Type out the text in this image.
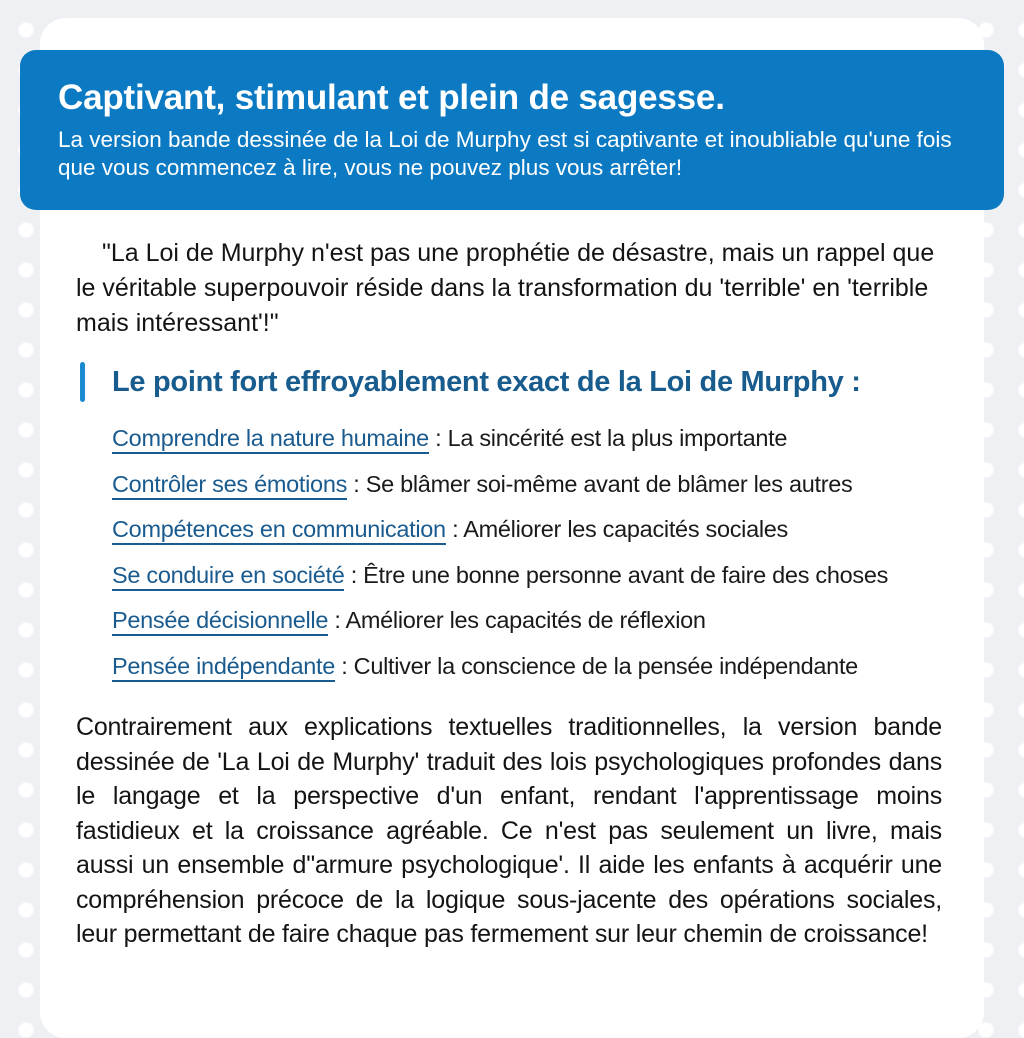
Captivant, stimulant et plein de sagesse.

La version bande dessinée de la Loi de Murphy est si captivante et inoubliable qu'une fois que vous commencez à lire, vous ne pouvez plus vous arrêter!

"La Loi de Murphy n'est pas une prophétie de désastre, mais un rappel que le véritable superpouvoir réside dans la transformation du 'terrible' en 'terrible mais intéressant'!"

Le point fort effroyablement exact de la Loi de Murphy :
Comprendre la nature humaine : La sincérité est la plus importante
Contrôler ses émotions : Se blâmer soi-même avant de blâmer les autres
Compétences en communication : Améliorer les capacités sociales
Se conduire en société : Être une bonne personne avant de faire des choses
Pensée décisionnelle : Améliorer les capacités de réflexion
Pensée indépendante : Cultiver la conscience de la pensée indépendante

Contrairement aux explications textuelles traditionnelles, la version bande dessinée de 'La Loi de Murphy' traduit des lois psychologiques profondes dans le langage et la perspective d'un enfant, rendant l'apprentissage moins fastidieux et la croissance agréable. Ce n'est pas seulement un livre, mais aussi un ensemble d"armure psychologique'. Il aide les enfants à acquérir une compréhension précoce de la logique sous-jacente des opérations sociales, leur permettant de faire chaque pas fermement sur leur chemin de croissance!
